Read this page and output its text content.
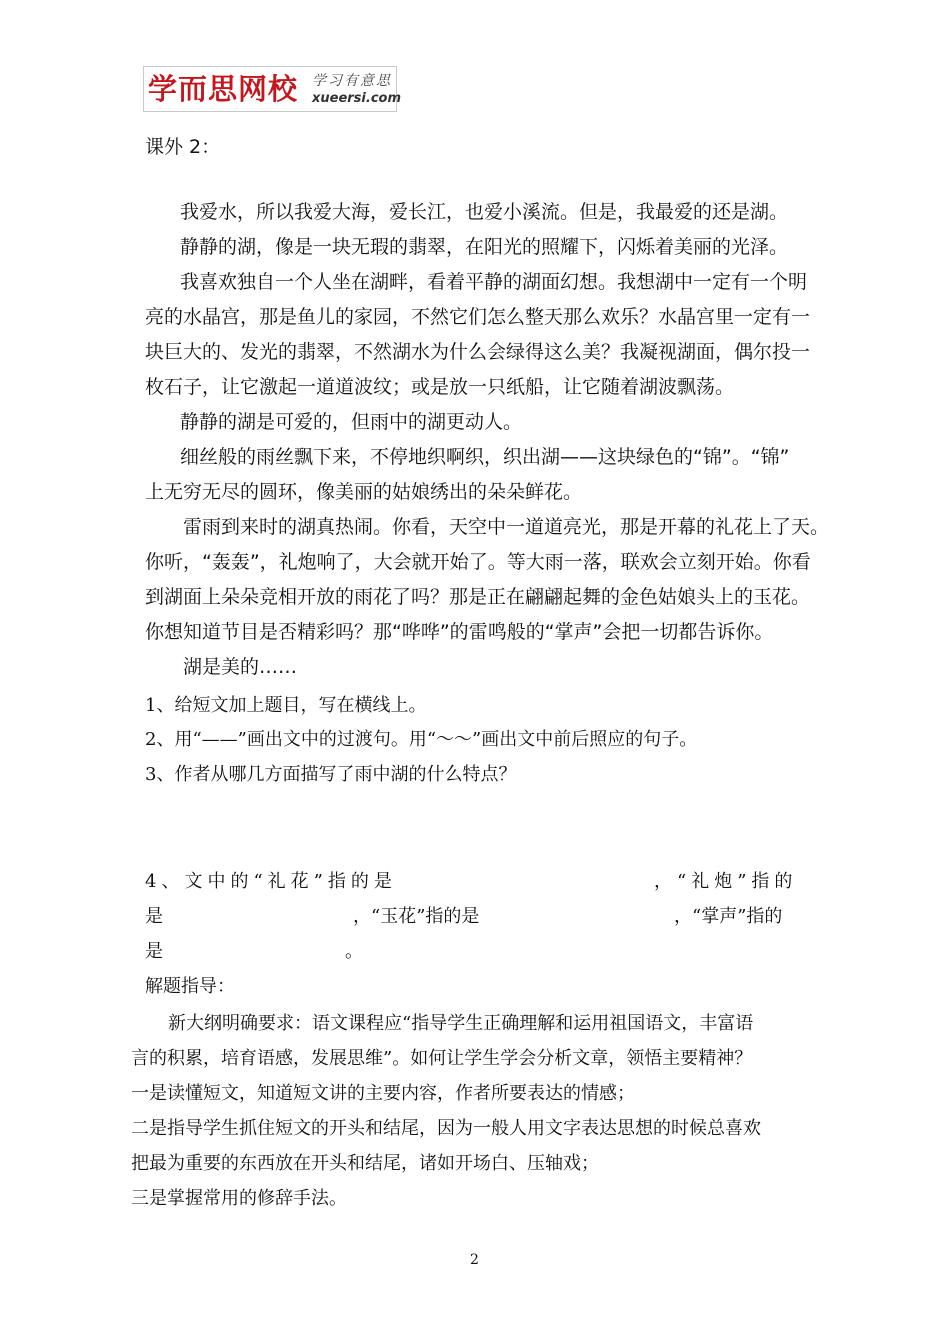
学而思网校 学习有意思
xueersi.com

课外 2：

我爱水，所以我爱大海，爱长江，也爱小溪流。但是，我最爱的还是湖。

静静的湖，像是一块无瑕的翡翠，在阳光的照耀下，闪烁着美丽的光泽。

我喜欢独自一个人坐在湖畔，看着平静的湖面幻想。我想湖中一定有一个明

亮的水晶宫，那是鱼儿的家园，不然它们怎么整天那么欢乐？水晶宫里一定有一

块巨大的、发光的翡翠，不然湖水为什么会绿得这么美？我凝视湖面，偶尔投一

枚石子，让它激起一道道波纹；或是放一只纸船，让它随着湖波飘荡。

静静的湖是可爱的，但雨中的湖更动人。

细丝般的雨丝飘下来，不停地织啊织，织出湖——这块绿色的“锦”。“锦”

上无穷无尽的圆环，像美丽的姑娘绣出的朵朵鲜花。

雷雨到来时的湖真热闹。你看，天空中一道道亮光，那是开幕的礼花上了天。

你听，“轰轰”，礼炮响了，大会就开始了。等大雨一落，联欢会立刻开始。你看

到湖面上朵朵竞相开放的雨花了吗？那是正在翩翩起舞的金色姑娘头上的玉花。

你想知道节目是否精彩吗？那“哗哗”的雷鸣般的“掌声”会把一切都告诉你。

湖是美的……

1、给短文加上题目，写在横线上。

2、用“——”画出文中的过渡句。用“～～”画出文中前后照应的句子。

3、作者从哪几方面描写了雨中湖的什么特点？

4、文中的“礼花”指的是	，“礼炮”指的

是	，“玉花”指的是	，“掌声”指的

是	。

解题指导：

新大纲明确要求：语文课程应“指导学生正确理解和运用祖国语文，丰富语

言的积累，培育语感，发展思维”。如何让学生学会分析文章，领悟主要精神？

一是读懂短文，知道短文讲的主要内容，作者所要表达的情感；

二是指导学生抓住短文的开头和结尾，因为一般人用文字表达思想的时候总喜欢

把最为重要的东西放在开头和结尾，诸如开场白、压轴戏；

三是掌握常用的修辞手法。

2
